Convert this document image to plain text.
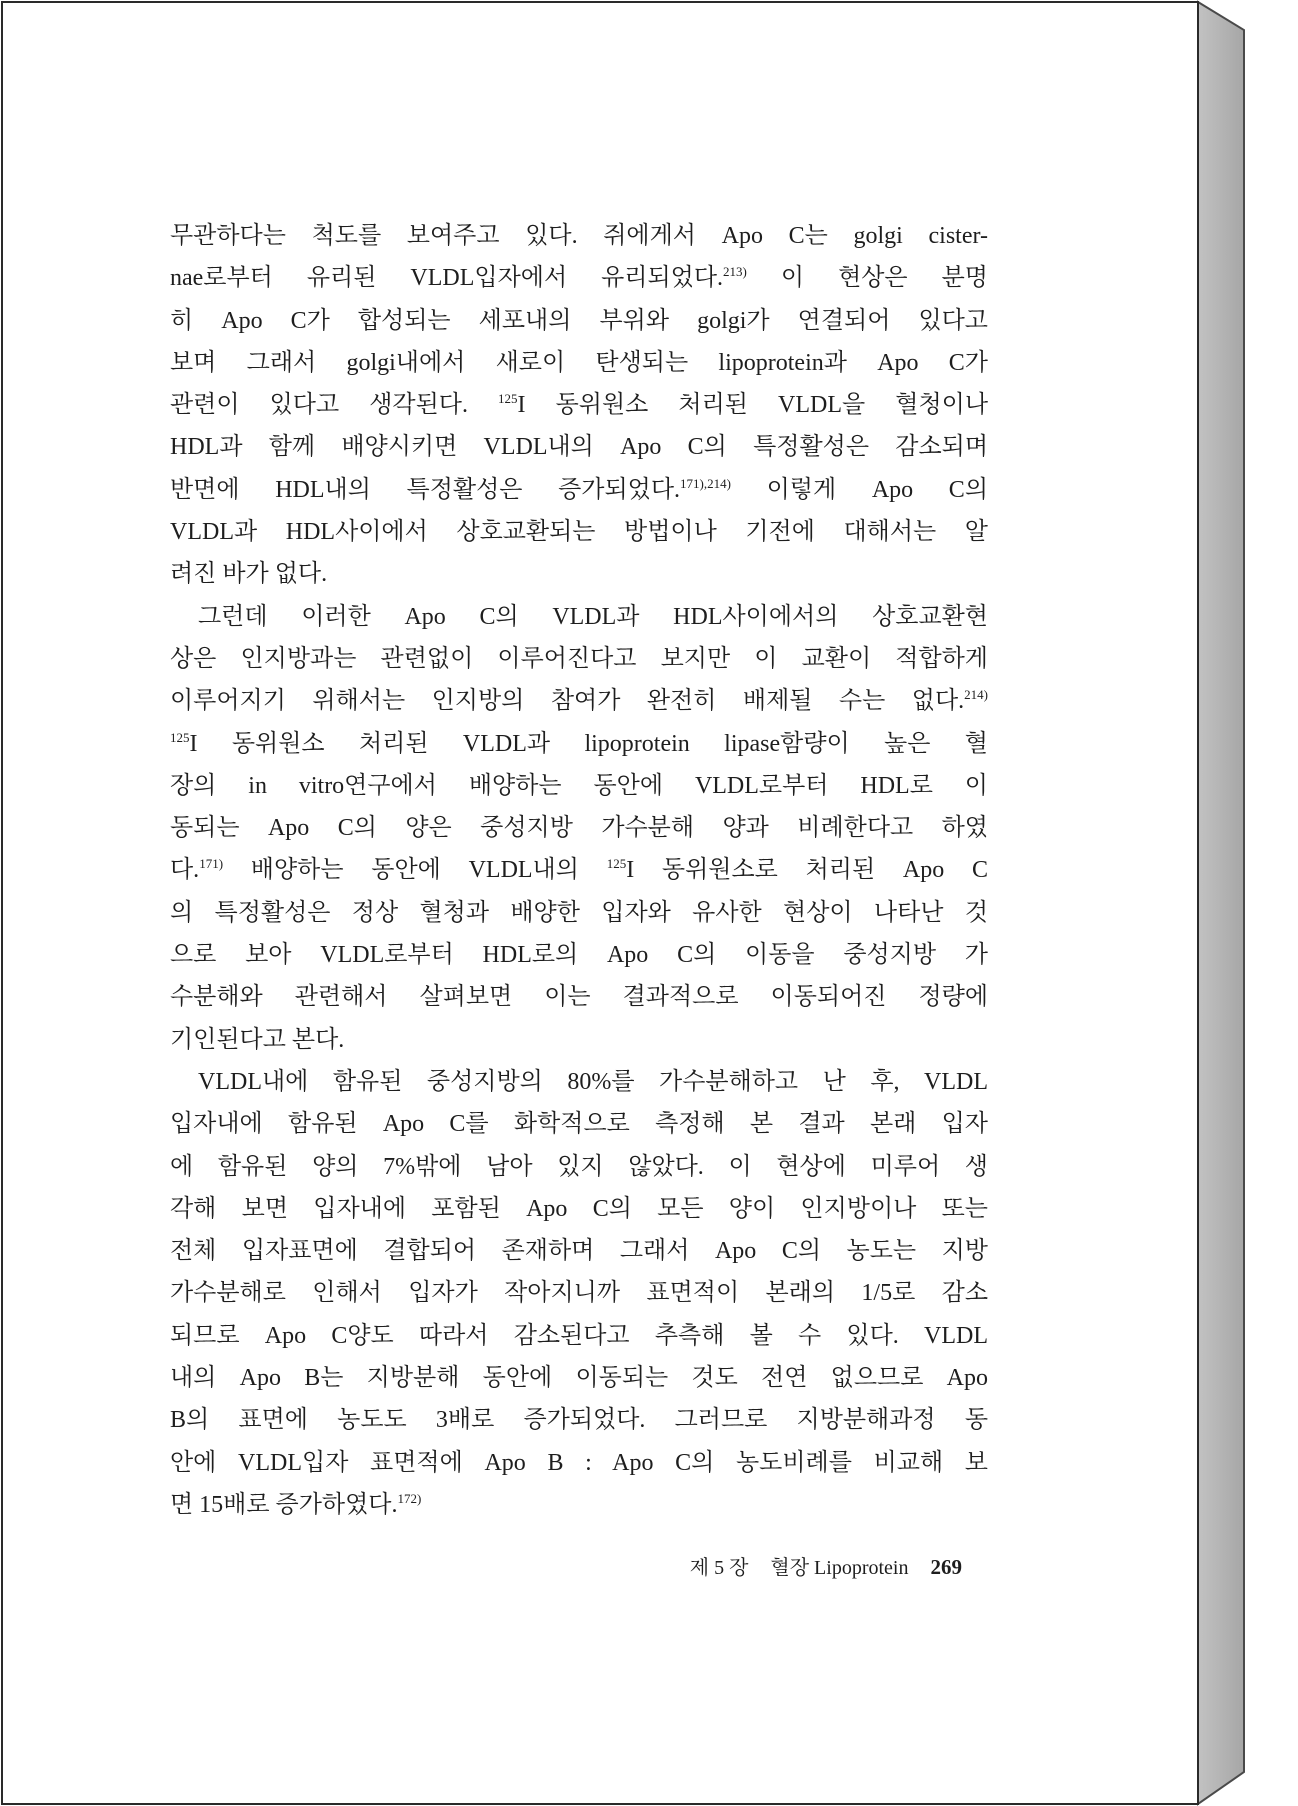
무관하다는 척도를 보여주고 있다. 쥐에게서 Apo C는 golgi cister-
nae로부터 유리된 VLDL입자에서 유리되었다.$^{213)}$ 이 현상은 분명
히 Apo C가 합성되는 세포내의 부위와 golgi가 연결되어 있다고
보며 그래서 golgi내에서 새로이 탄생되는 lipoprotein과 Apo C가
관련이 있다고 생각된다. $^{125}$I 동위원소 처리된 VLDL을 혈청이나
HDL과 함께 배양시키면 VLDL내의 Apo C의 특정활성은 감소되며
반면에 HDL내의 특정활성은 증가되었다.$^{171),214)}$ 이렇게 Apo C의
VLDL과 HDL사이에서 상호교환되는 방법이나 기전에 대해서는 알
려진 바가 없다.
그런데 이러한 Apo C의 VLDL과 HDL사이에서의 상호교환현
상은 인지방과는 관련없이 이루어진다고 보지만 이 교환이 적합하게
이루어지기 위해서는 인지방의 참여가 완전히 배제될 수는 없다.$^{214)}$
$^{125}$I 동위원소 처리된 VLDL과 lipoprotein lipase함량이 높은 혈
장의 in vitro연구에서 배양하는 동안에 VLDL로부터 HDL로 이
동되는 Apo C의 양은 중성지방 가수분해 양과 비례한다고 하였
다.$^{171)}$ 배양하는 동안에 VLDL내의 $^{125}$I 동위원소로 처리된 Apo C
의 특정활성은 정상 혈청과 배양한 입자와 유사한 현상이 나타난 것
으로 보아 VLDL로부터 HDL로의 Apo C의 이동을 중성지방 가
수분해와 관련해서 살펴보면 이는 결과적으로 이동되어진 정량에
기인된다고 본다.
VLDL내에 함유된 중성지방의 80%를 가수분해하고 난 후, VLDL
입자내에 함유된 Apo C를 화학적으로 측정해 본 결과 본래 입자
에 함유된 양의 7%밖에 남아 있지 않았다. 이 현상에 미루어 생
각해 보면 입자내에 포함된 Apo C의 모든 양이 인지방이나 또는
전체 입자표면에 결합되어 존재하며 그래서 Apo C의 농도는 지방
가수분해로 인해서 입자가 작아지니까 표면적이 본래의 1/5로 감소
되므로 Apo C양도 따라서 감소된다고 추측해 볼 수 있다. VLDL
내의 Apo B는 지방분해 동안에 이동되는 것도 전연 없으므로 Apo
B의 표면에 농도도 3배로 증가되었다. 그러므로 지방분해과정 동
안에 VLDL입자 표면적에 Apo B : Apo C의 농도비례를 비교해 보
면 15배로 증가하였다.$^{172)}$
제 5 장 혈장 Lipoprotein 269
